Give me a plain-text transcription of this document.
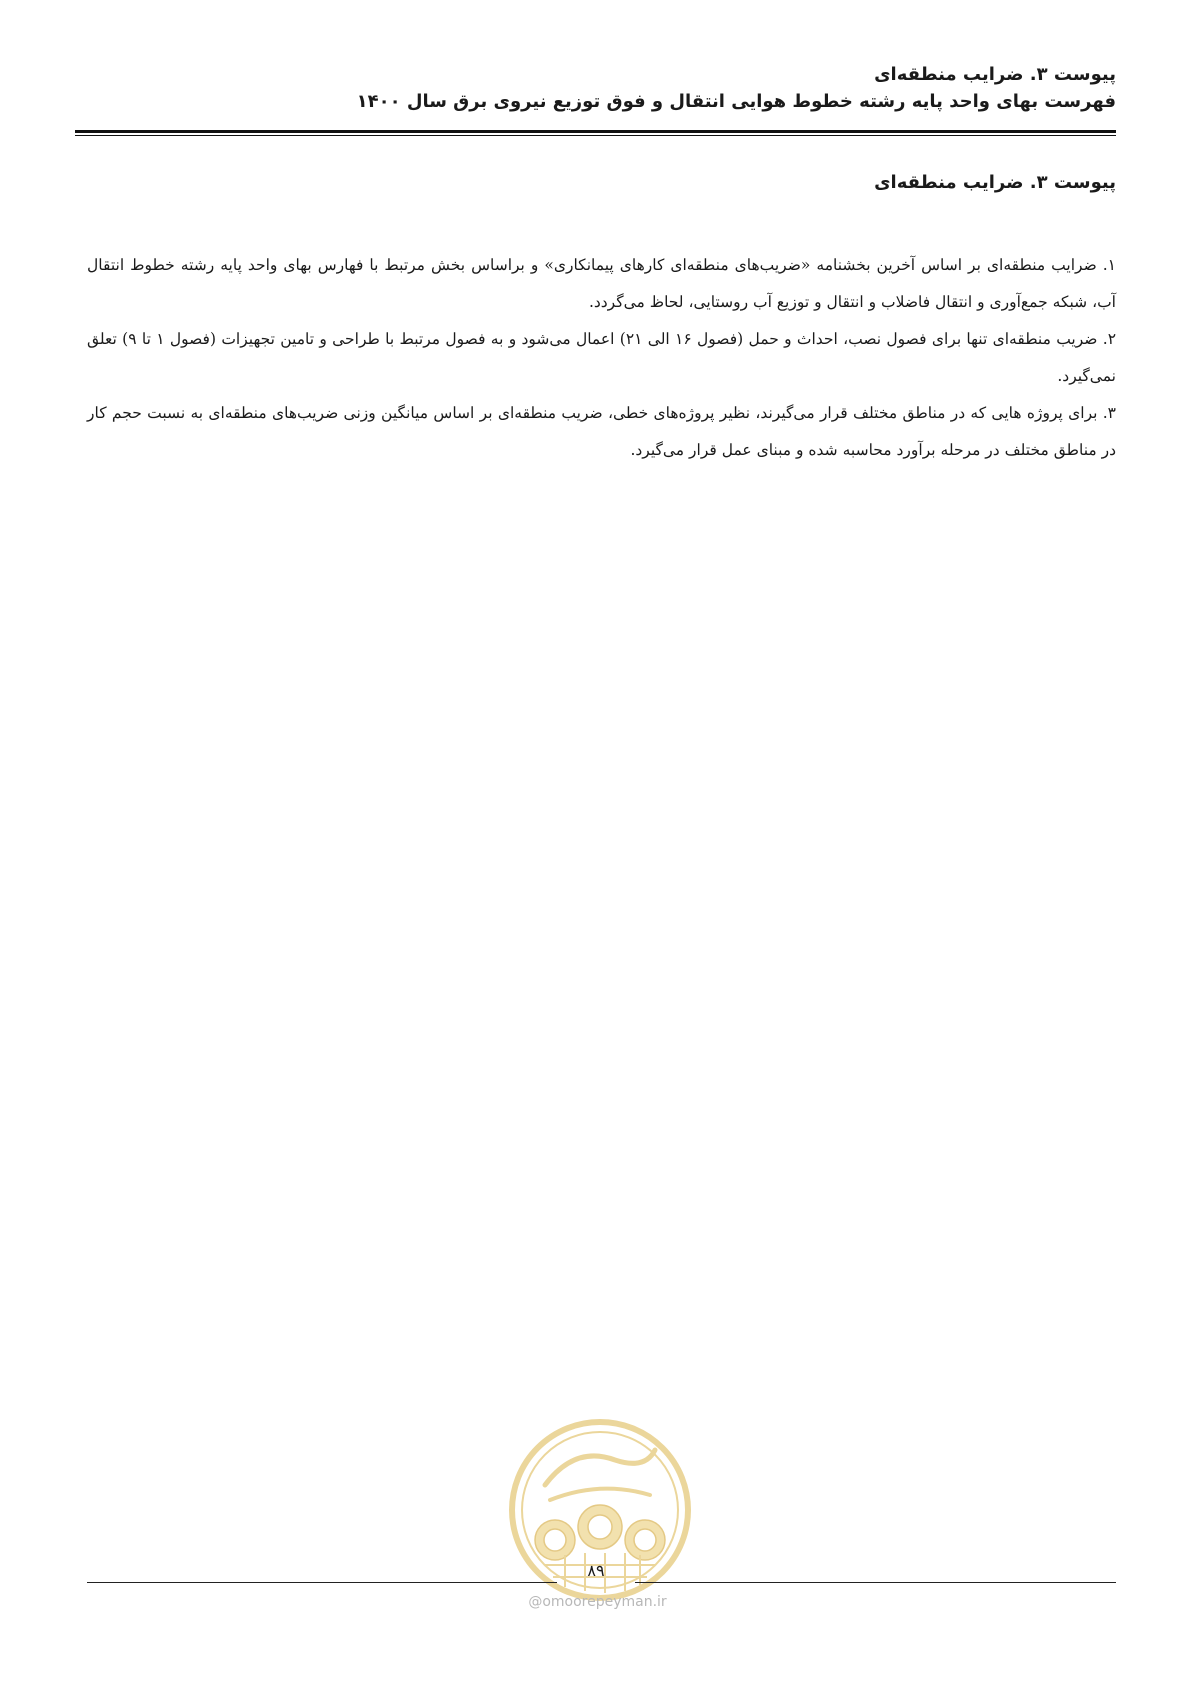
پیوست ۳. ضرایب منطقه‌ای
فهرست بهای واحد پایه رشته خطوط هوایی انتقال و فوق توزیع نیروی برق سال ۱۴۰۰
پیوست ۳. ضرایب منطقه‌ای

۱. ضرایب منطقه‌ای بر اساس آخرین بخشنامه «ضریب‌های منطقه‌ای کارهای پیمانکاری» و براساس بخش مرتبط با فهارس بهای واحد پایه رشته خطوط انتقال آب، شبکه جمع‌آوری و انتقال فاضلاب و انتقال و توزیع آب روستایی، لحاظ می‌گردد.

۲. ضریب منطقه‌ای تنها برای فصول نصب، احداث و حمل (فصول ۱۶ الی ۲۱) اعمال می‌شود و به فصول مرتبط با طراحی و تامین تجهیزات (فصول ۱ تا ۹) تعلق نمی‌گیرد.

۳. برای پروژه هایی که در مناطق مختلف قرار می‌گیرند، نظیر پروژه‌های خطی، ضریب منطقه‌ای بر اساس میانگین وزنی ضریب‌های منطقه‌ای به نسبت حجم کار در مناطق مختلف در مرحله برآورد محاسبه شده و مبنای عمل قرار می‌گیرد.

۸۹
@omoorepeyman.ir
